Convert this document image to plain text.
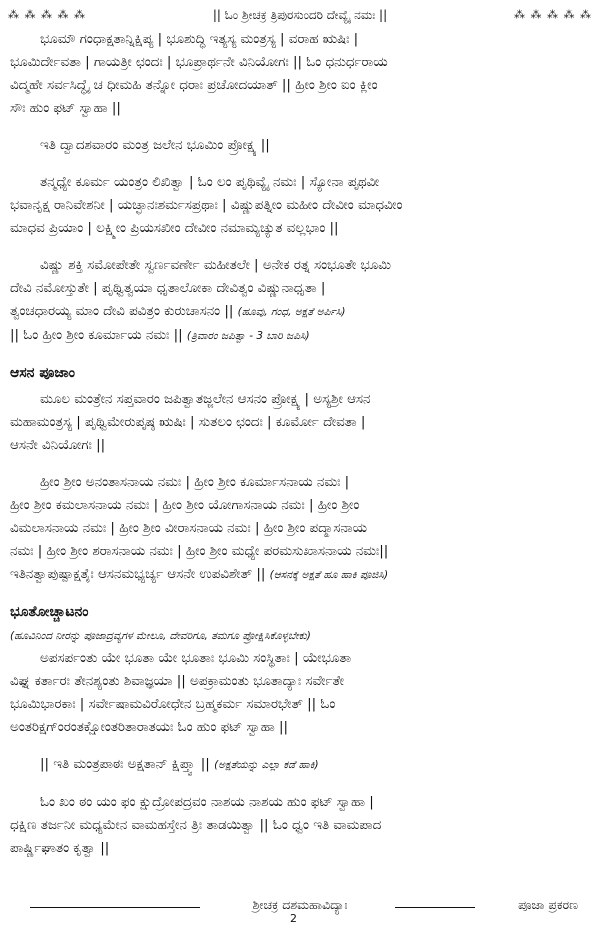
⁂ ⁂ ⁂ ⁂ ⁂	|| ಓಂ ಶ್ರೀಚಕ್ರ ತ್ರಿಪುರಸುಂದರಿ ದೇವ್ಯೈ ನಮಃ ||	⁂ ⁂ ⁂ ⁂ ⁂
ಭೂಮೌ ಗಂಧಾಕ್ಷತಾನ್ನಿಕ್ಷಿಪ್ಯ | ಭೂಶುದ್ಧಿ ಇತ್ಯಸ್ಯ ಮಂತ್ರಸ್ಯ | ವರಾಹ ಋಷಿಃ |
ಭೂಮಿರ್ದೇವತಾ | ಗಾಯತ್ರೀ ಛಂದಃ | ಭೂಪ್ರಾರ್ಥನೇ ವಿನಿಯೋಗಃ || ಓಂ ಧನುರ್ಧರಾಯ
ವಿದ್ಮಹೇ ಸರ್ವಸಿದ್ಧೈ ಚ ಧೀಮಹಿ ತನ್ನೋ ಧರಾಃ ಪ್ರಚೋದಯಾತ್ || ಹ್ರೀಂ ಶ್ರೀಂ ಐಂ ಕ್ಲೀಂ
ಸೌಃ ಹುಂ ಫಟ್ ಸ್ವಾಹಾ ||
ಇತಿ ದ್ವಾದಶವಾರಂ ಮಂತ್ರ ಜಲೇನ ಭೂಮಿಂ ಪ್ರೋಕ್ಷ್ಯ ||
ತನ್ಮಧ್ಯೇ ಕೂರ್ಮ ಯಂತ್ರಂ ಲಿಖಿತ್ವಾ | ಓಂ ಲಂ ಪೃಥಿವ್ಯೈ ನಮಃ | ಸ್ಯೋನಾ ಪೃಥವೀ
ಭವಾನೃಕ್ಷ ರಾನಿವೇಶನೀ | ಯಚ್ಛಾನಃಶರ್ಮಸಪ್ರಥಾಃ | ವಿಷ್ಣುಪತ್ನೀಂ ಮಹೀಂ ದೇವೀಂ ಮಾಧವೀಂ
ಮಾಧವ ಪ್ರಿಯಾಂ | ಲಕ್ಷ್ಮೀಂ ಪ್ರಿಯಸಖೀಂ ದೇವೀಂ ನಮಾಮ್ಯಚ್ಯುತ ವಲ್ಲಭಾಂ ||
ವಿಷ್ಣು ಶಕ್ತಿ ಸಮೋಪೇತೇ ಸ್ವರ್ಣವರ್ಣೇ ಮಹೀತಲೇ | ಅನೇಕ ರತ್ನ ಸಂಭೂತೇ ಭೂಮಿ
ದೇವಿ ನಮೋಸ್ತುತೇ | ಪೃಥ್ವಿತ್ವಯಾ ಧೃತಾಲೋಕಾ ದೇವಿತ್ವಂ ವಿಷ್ಣುನಾಧೃತಾ |
ತ್ವಂಚಧಾರಯ್ಯ ಮಾಂ ದೇವಿ ಪವಿತ್ರಂ ಕುರುಚಾಸನಂ || (ಹೂವು, ಗಂಧ, ಅಕ್ಷತೆ ಅರ್ಪಿಸಿ)
|| ಓಂ ಹ್ರೀಂ ಶ್ರೀಂ ಕೂರ್ಮಾಯ ನಮಃ || (ತ್ರಿವಾರಂ ಜಪಿತ್ವಾ - 3 ಬಾರಿ ಜಪಿಸಿ)
ಆಸನ ಪೂಜಾಂ
ಮೂಲ ಮಂತ್ರೇನ ಸಪ್ತವಾರಂ ಜಪಿತ್ವಾತಜ್ಜಲೇನ ಆಸನಂ ಪ್ರೋಕ್ಷ್ಯ | ಅಸ್ಯಶ್ರೀ ಆಸನ
ಮಹಾಮಂತ್ರಸ್ಯ | ಪೃಥ್ವಿಮೇರುಪೃಷ್ಠ ಋಷಿಃ | ಸುತಲಂ ಛಂದಃ | ಕೂರ್ಮೋ ದೇವತಾ |
ಆಸನೇ ವಿನಿಯೋಗಃ ||
ಹ್ರೀಂ ಶ್ರೀಂ ಅನಂತಾಸನಾಯ ನಮಃ | ಹ್ರೀಂ ಶ್ರೀಂ ಕೂರ್ಮಾಸನಾಯ ನಮಃ |
ಹ್ರೀಂ ಶ್ರೀಂ ಕಮಲಾಸನಾಯ ನಮಃ | ಹ್ರೀಂ ಶ್ರೀಂ ಯೋಗಾಸನಾಯ ನಮಃ | ಹ್ರೀಂ ಶ್ರೀಂ
ವಿಮಲಾಸನಾಯ ನಮಃ | ಹ್ರೀಂ ಶ್ರೀಂ ವೀರಾಸನಾಯ ನಮಃ | ಹ್ರೀಂ ಶ್ರೀಂ ಪದ್ಮಾಸನಾಯ
ನಮಃ | ಹ್ರೀಂ ಶ್ರೀಂ ಶರಾಸನಾಯ ನಮಃ | ಹ್ರೀಂ ಶ್ರೀಂ ಮಧ್ಯೇ ಪರಮಸುಖಾಸನಾಯ ನಮಃ||
ಇತಿನತ್ವಾಪುಷ್ಪಾಕ್ಷತೈಃ ಆಸನಮಭ್ಯರ್ಚ್ಯ ಆಸನೇ ಉಪವಿಶೇತ್ || (ಆಸನಕ್ಕೆ ಅಕ್ಷತೆ ಹೂ ಹಾಕಿ ಪೂಜಿಸಿ)
ಭೂತೋಚ್ಚಾಟನಂ
(ಹೂವಿನಿಂದ ನೀರನ್ನು ಪೂಜಾದ್ರವ್ಯಗಳ ಮೇಲೂ, ದೇವರಿಗೂ, ತಮಗೂ ಪ್ರೋಕ್ಷಿಸಿಕೊಳ್ಳಬೇಕು)
ಅಪಸರ್ಪಂತು ಯೇ ಭೂತಾ ಯೇ ಭೂತಾಃ ಭೂಮಿ ಸಂಸ್ಥಿತಾಃ | ಯೇಭೂತಾ
ವಿಘ್ನ ಕರ್ತಾರಃ ತೇನಶ್ಯಂತು ಶಿವಾಜ್ಞಯಾ || ಅಪಕ್ರಾಮಂತು ಭೂತಾದ್ಯಾಃ ಸರ್ವೇತೇ
ಭೂಮಿಭಾರಕಾಃ | ಸರ್ವೇಷಾಮವಿರೋಧೇನ ಬ್ರಹ್ಮಕರ್ಮ ಸಮಾರಭೇತ್ || ಓಂ
ಅಂತರಿಕ್ಷಗ್ಂರಂತಕ್ಷೋಂತರಿತಾರಾತಯಃ ಓಂ ಹುಂ ಫಟ್ ಸ್ವಾಹಾ ||
|| ಇತಿ ಮಂತ್ರಪಾಠಃ ಅಕ್ಷತಾನ್ ಕ್ಷಿಪ್ತ್ವಾ || (ಅಕ್ಷತೆಯನ್ನು ಎಲ್ಲಾ ಕಡೆ ಹಾಕಿ)
ಓಂ ಖಂ ಠಂ ಯಂ ಫಂ ಕ್ಷುದ್ರೋಪದ್ರವಂ ನಾಶಯ ನಾಶಯ ಹುಂ ಫಟ್ ಸ್ವಾಹಾ |
ಧಕ್ಷಿಣ ತರ್ಜನೀ ಮಧ್ಯಮೇನ ವಾಮಹಸ್ತೇನ ತ್ರಿಃ ತಾಡಯಿತ್ವಾ || ಓಂ ಧ್ವಂ ಇತಿ ವಾಮಪಾದ
ಪಾರ್ಷ್ಣಿಘಾತಂ ಕೃತ್ವಾ ||
ಶ್ರೀಚಕ್ರ ದಶಮಹಾವಿದ್ಯಾಃ	ಪೂಜಾ ಪ್ರಕರಣ
2
